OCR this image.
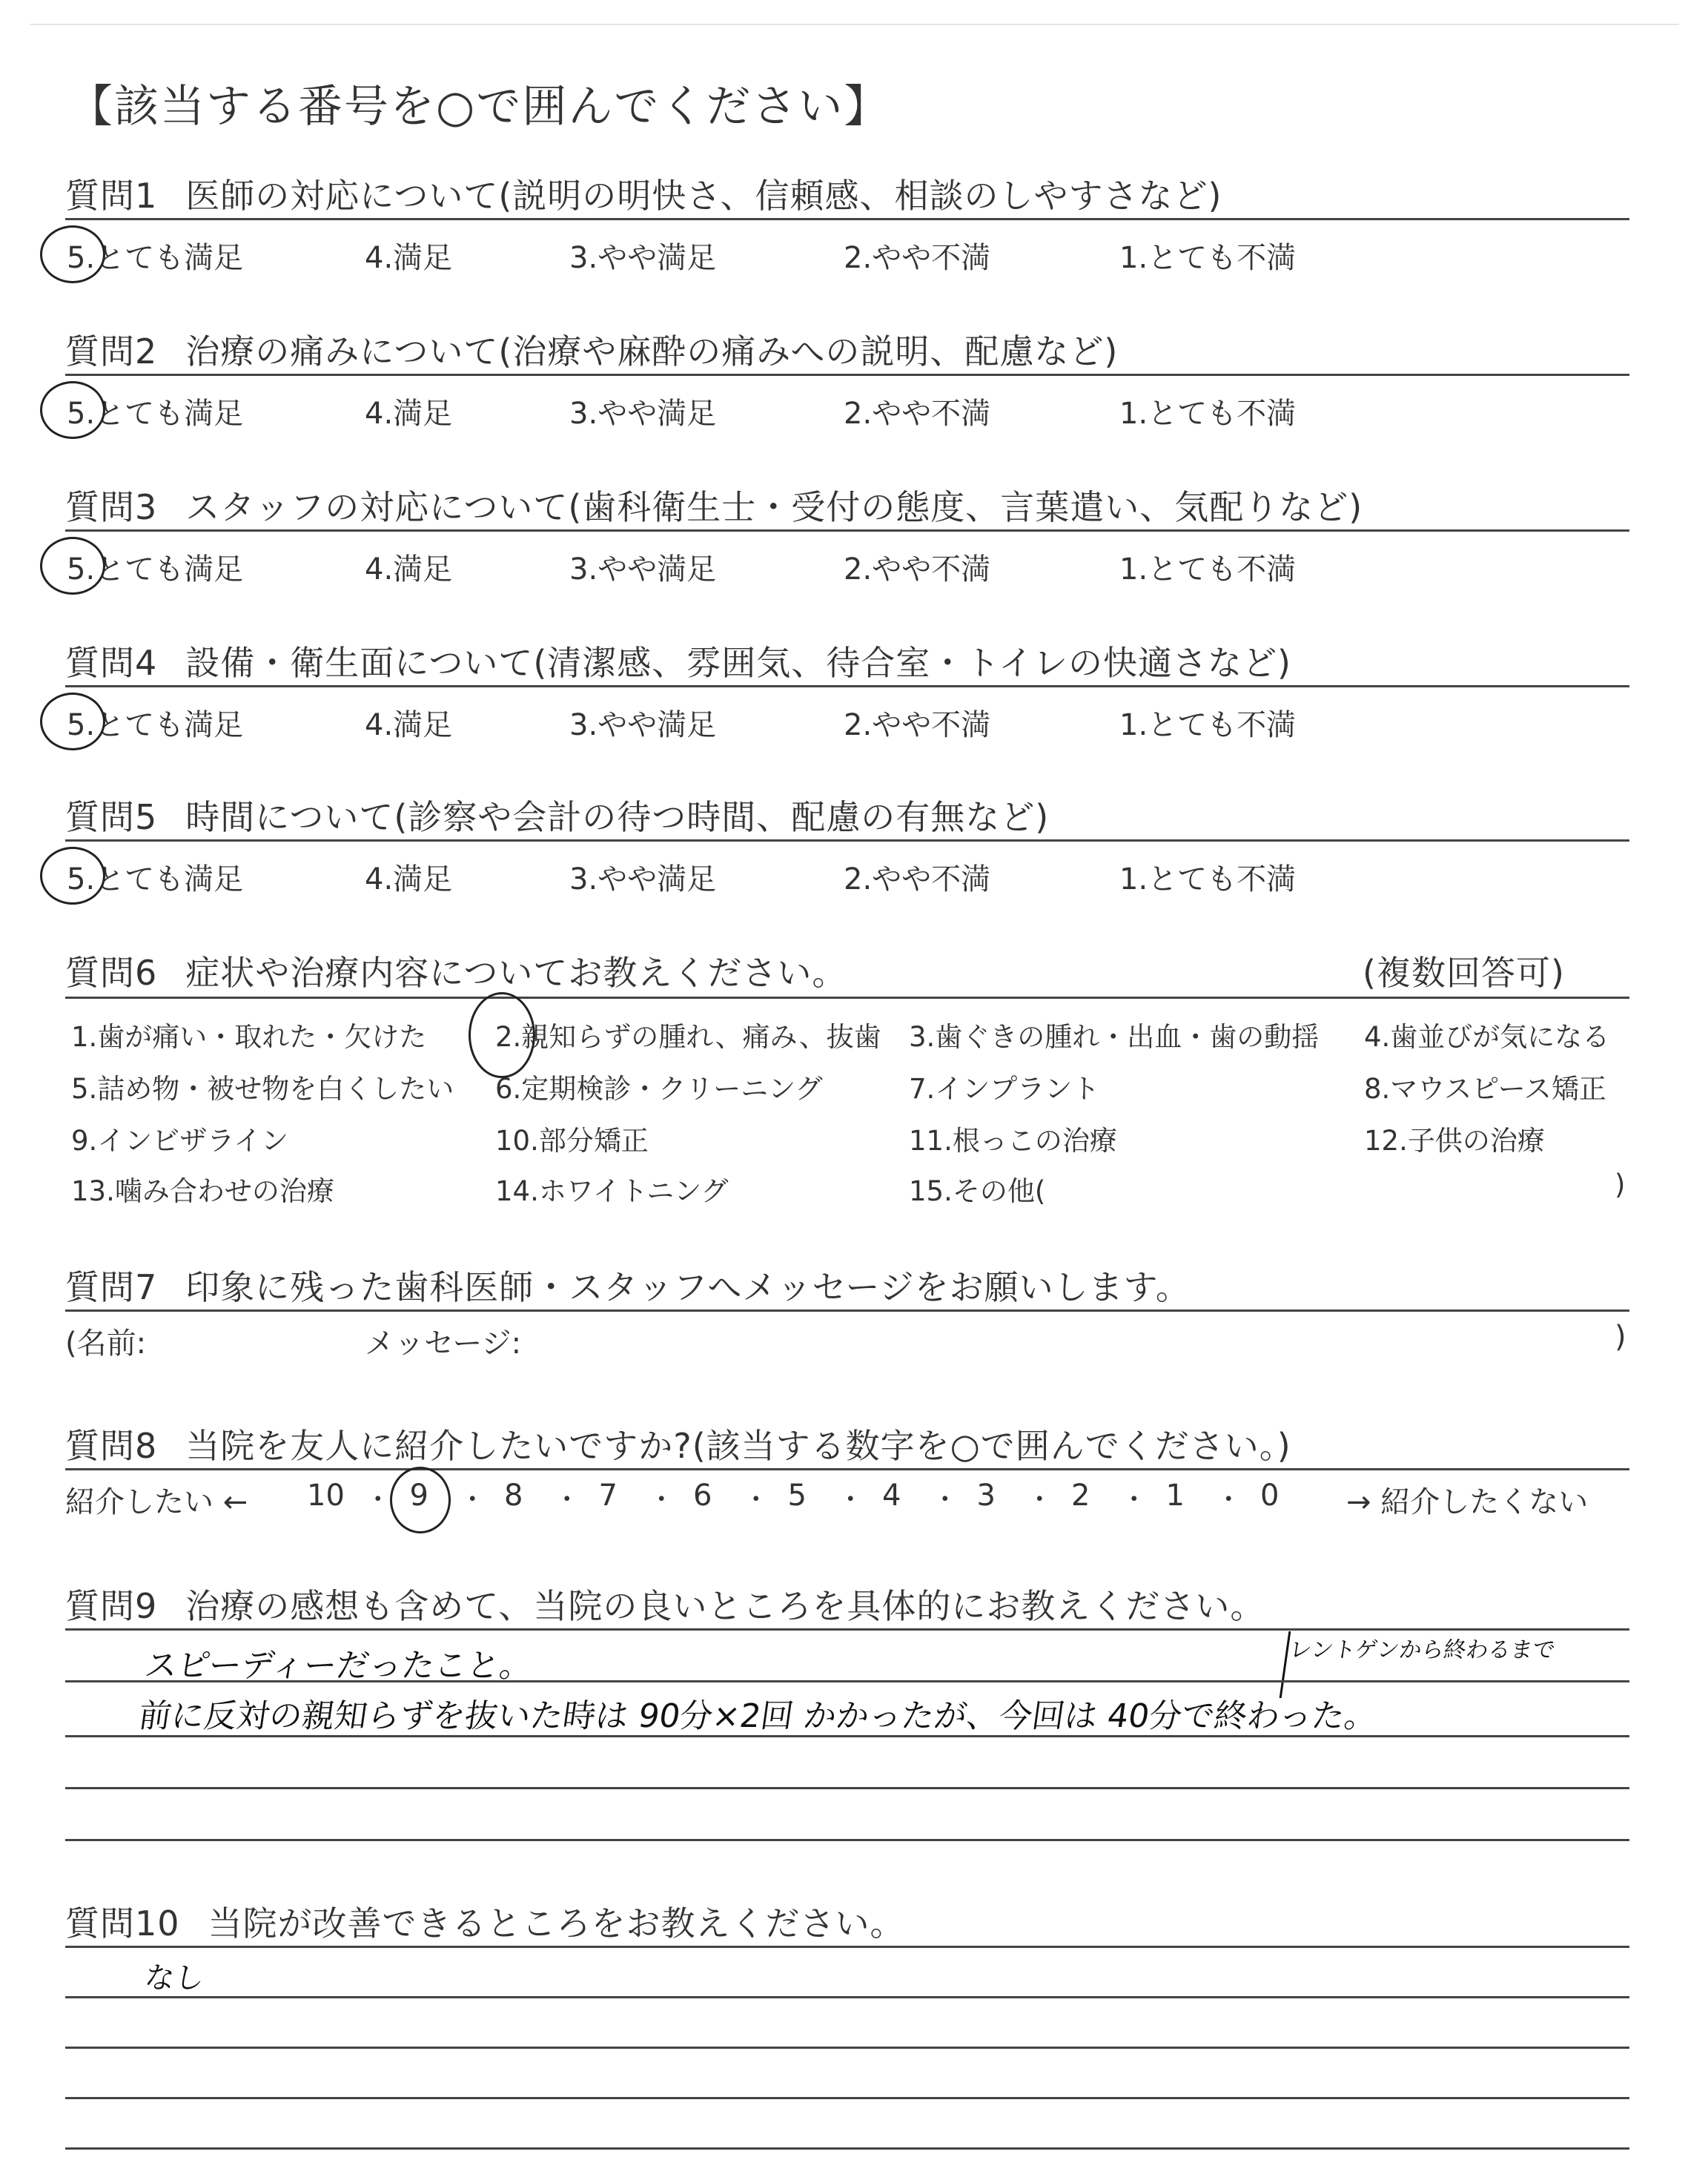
【該当する番号を○で囲んでください】
質問1 医師の対応について(説明の明快さ、信頼感、相談のしやすさなど)
5.とても満足	4.満足	3.やや満足	2.やや不満	1.とても不満
質問2 治療の痛みについて(治療や麻酔の痛みへの説明、配慮など)
5.とても満足	4.満足	3.やや満足	2.やや不満	1.とても不満
質問3 スタッフの対応について(歯科衛生士・受付の態度、言葉遣い、気配りなど)
5.とても満足	4.満足	3.やや満足	2.やや不満	1.とても不満
質問4 設備・衛生面について(清潔感、雰囲気、待合室・トイレの快適さなど)
5.とても満足	4.満足	3.やや満足	2.やや不満	1.とても不満
質問5 時間について(診察や会計の待つ時間、配慮の有無など)
5.とても満足	4.満足	3.やや満足	2.やや不満	1.とても不満
質問6 症状や治療内容についてお教えください。	(複数回答可)
1.歯が痛い・取れた・欠けた	2.親知らずの腫れ、痛み、抜歯 3.歯ぐきの腫れ・出血・歯の動揺 4.歯並びが気になる
5.詰め物・被せ物を白くしたい 6.定期検診・クリーニング	7.インプラント	8.マウスピース矯正
9.インビザライン	10.部分矯正	11.根っこの治療	12.子供の治療
13.噛み合わせの治療	14.ホワイトニング	15.その他(	)
質問7 印象に残った歯科医師・スタッフへメッセージをお願いします。
(名前:	メッセージ:	)
質問8 当院を友人に紹介したいですか?(該当する数字を○で囲んでください。)
紹介したい ←	→ 紹介したくない
10 ・ 9 ・ 8 ・ 7 ・ 6 ・ 5 ・ 4 ・ 3 ・ 2 ・ 1 ・ 0
質問9 治療の感想も含めて、当院の良いところを具体的にお教えください。
スピーディーだったこと。	レントゲンから終わるまで
前に反対の親知らずを抜いた時は 90分×2回 かかったが、今回は 40分で終わった。
質問10 当院が改善できるところをお教えください。
なし
